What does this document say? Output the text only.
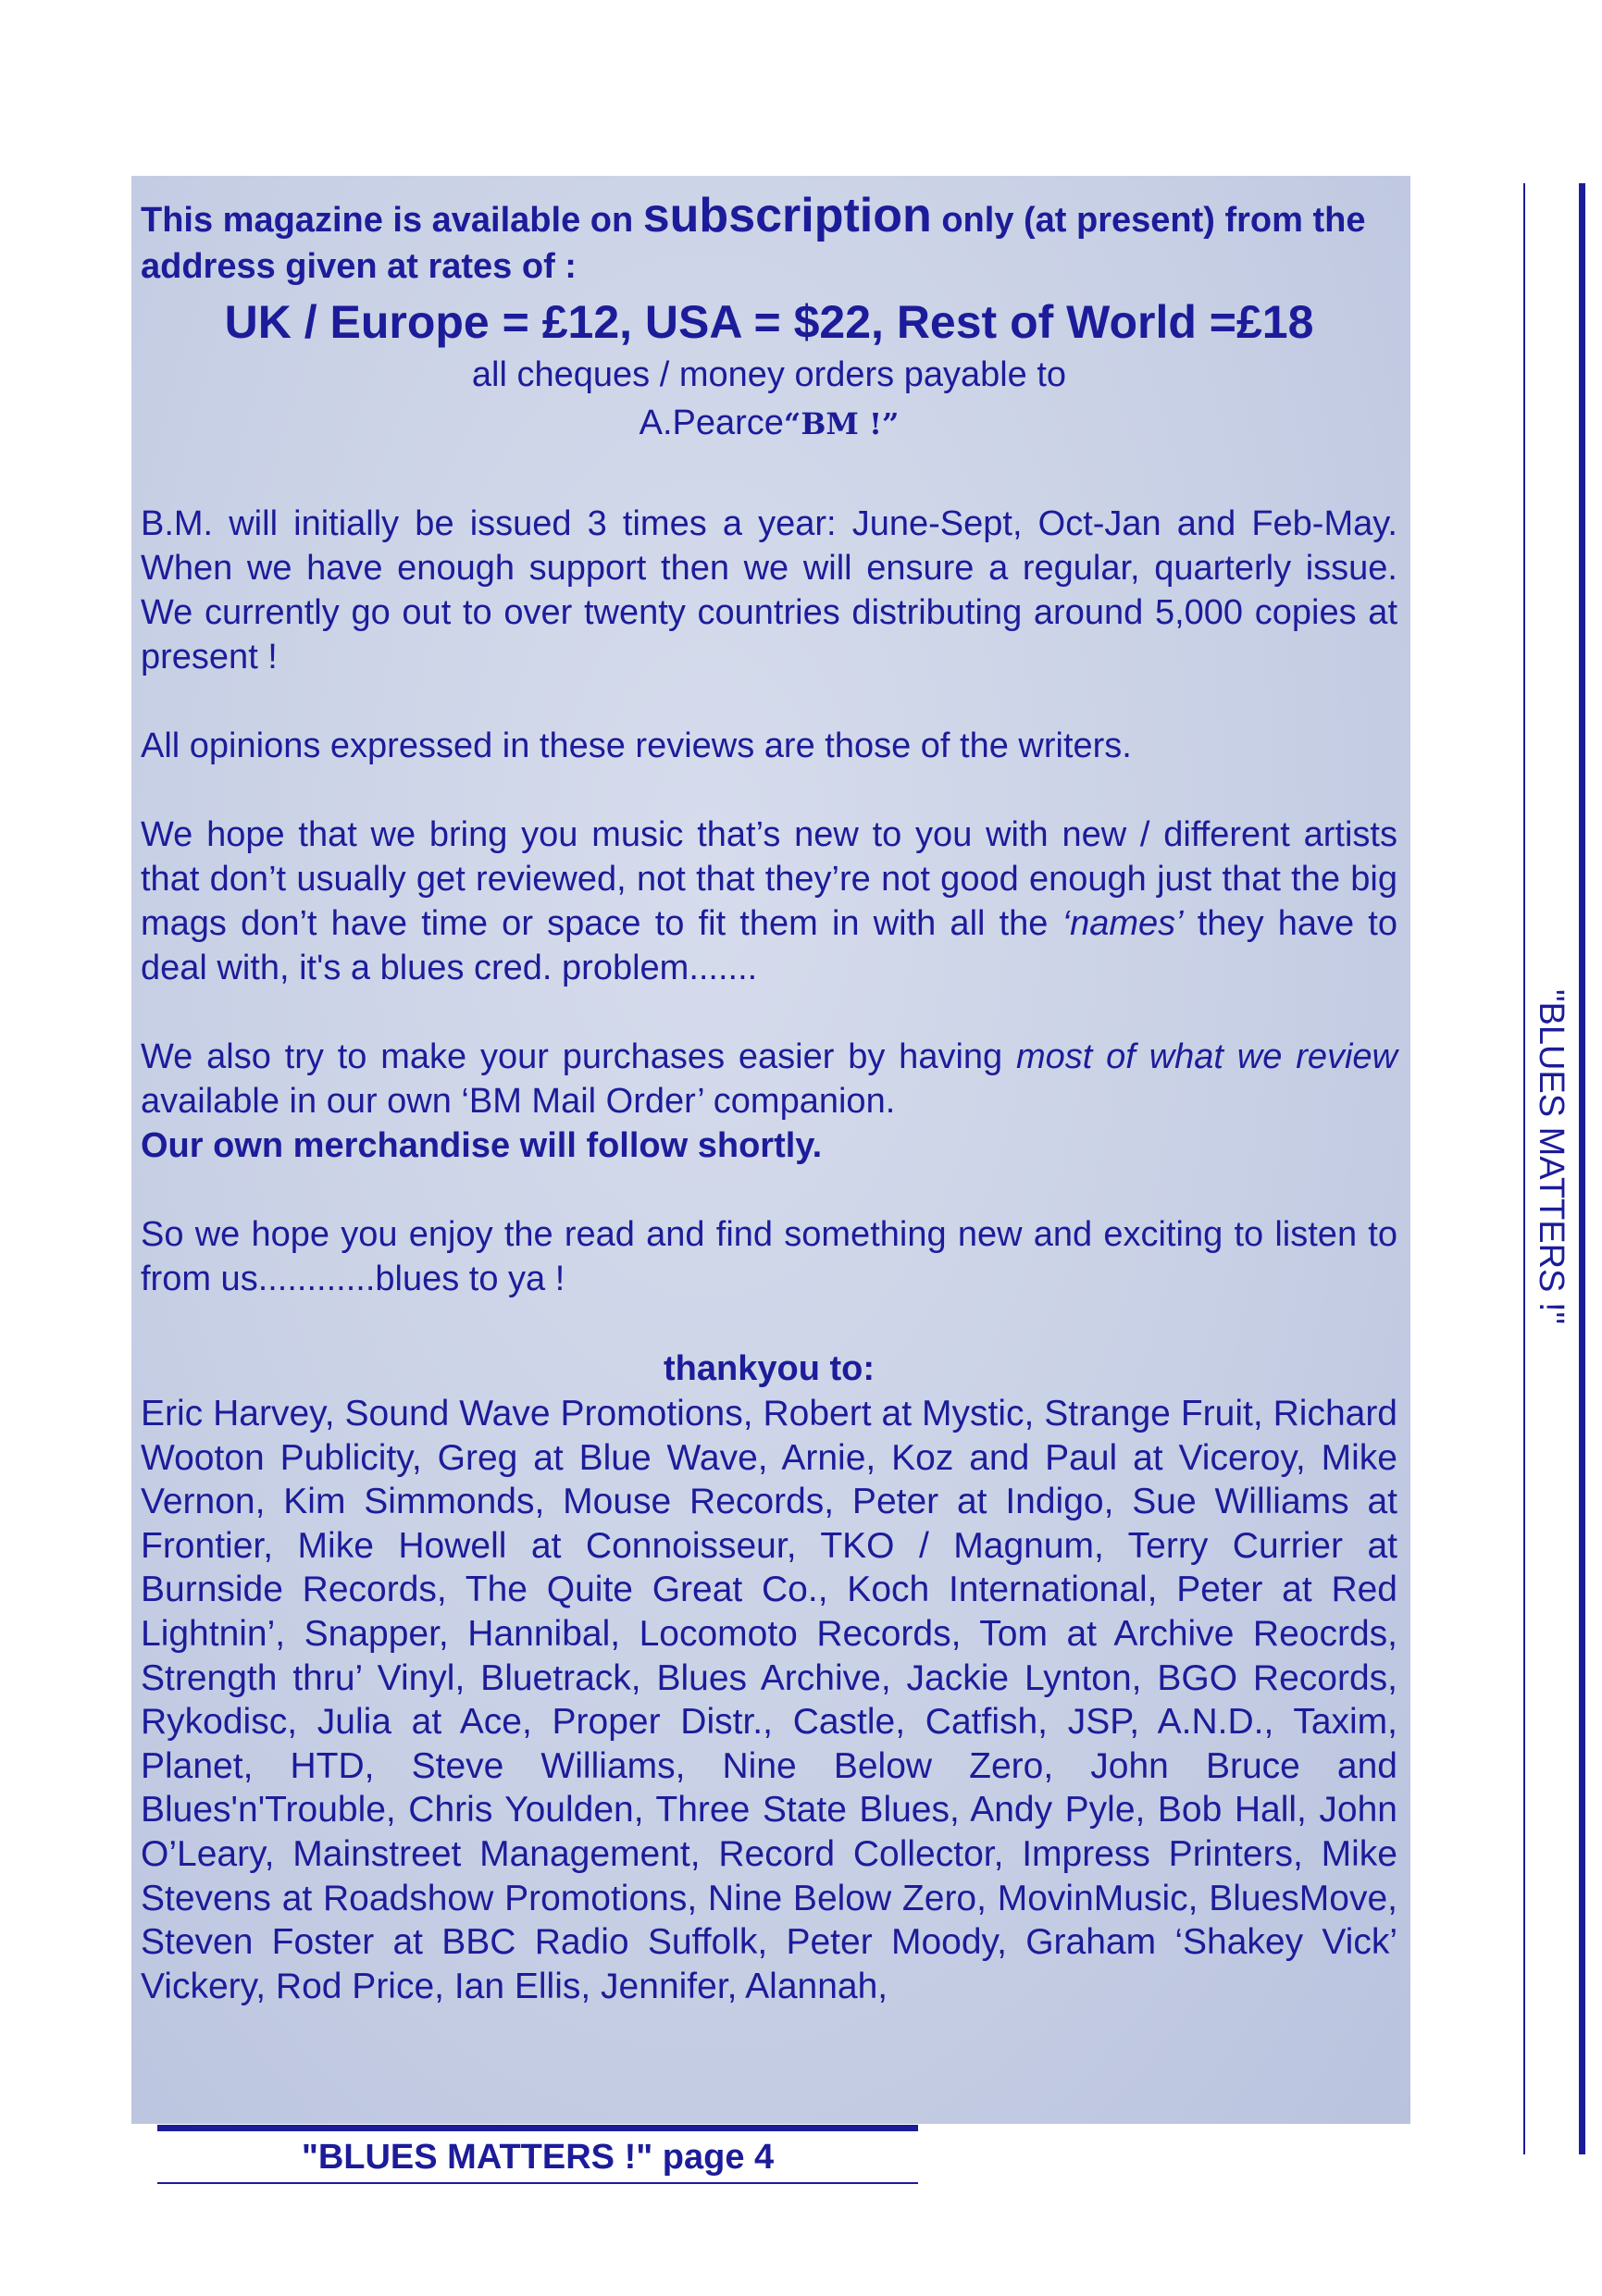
This magazine is available on subscription only (at present) from the address given at rates of :

UK / Europe = £12, USA = $22, Rest of World =£18

all cheques / money orders payable to

A.Pearce“BM !”

B.M. will initially be issued 3 times a year: June-Sept, Oct-Jan and Feb-May. When we have enough support then we will ensure a regular, quarterly issue. We currently go out to over twenty countries distributing around 5,000 copies at present !

All opinions expressed in these reviews are those of the writers.

We hope that we bring you music that’s new to you with new / different artists that don’t usually get reviewed, not that they’re not good enough just that the big mags don’t have time or space to fit them in with all the ‘names’ they have to deal with, it's a blues cred. problem.......

We also try to make your purchases easier by having most of what we review available in our own ‘BM Mail Order’ companion.

Our own merchandise will follow shortly.

So we hope you enjoy the read and find something new and exciting to listen to from us............blues to ya !

thankyou to:

Eric Harvey, Sound Wave Promotions, Robert at Mystic, Strange Fruit, Richard Wooton Publicity, Greg at Blue Wave, Arnie, Koz and Paul at Viceroy, Mike Vernon, Kim Simmonds, Mouse Records, Peter at Indigo, Sue Williams at Frontier, Mike Howell at Connoisseur, TKO / Magnum, Terry Currier at Burnside Records, The Quite Great Co., Koch International, Peter at Red Lightnin’, Snapper, Hannibal, Locomoto Records, Tom at Archive Reocrds, Strength thru’ Vinyl, Bluetrack, Blues Archive, Jackie Lynton, BGO Records, Rykodisc, Julia at Ace, Proper Distr., Castle, Catfish, JSP, A.N.D., Taxim, Planet, HTD, Steve Williams, Nine Below Zero, John Bruce and Blues'n'Trouble, Chris Youlden, Three State Blues, Andy Pyle, Bob Hall, John O’Leary, Mainstreet Management, Record Collector, Impress Printers, Mike Stevens at Roadshow Promotions, Nine Below Zero, MovinMusic, BluesMove, Steven Foster at BBC Radio Suffolk, Peter Moody, Graham ‘Shakey Vick’ Vickery, Rod Price, Ian Ellis, Jennifer, Alannah,

"BLUES MATTERS !" page 4
"BLUES MATTERS !"
